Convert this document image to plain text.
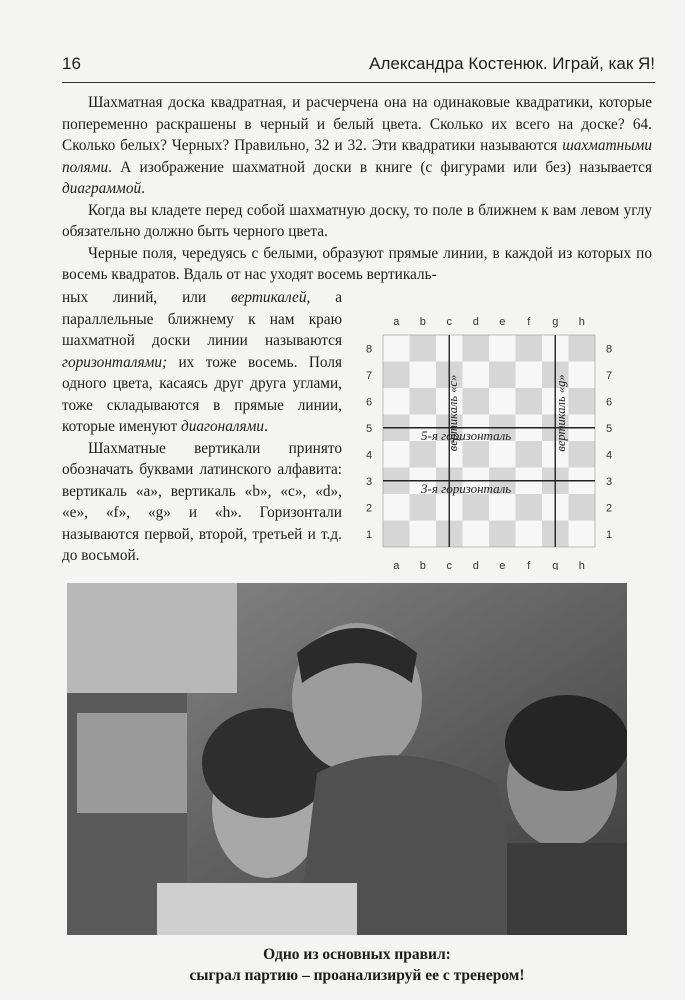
16	Александра Костенюк. Играй, как Я!

Шахматная доска квадратная, и расчерчена она на одинаковые квадратики, которые попеременно раскрашены в черный и белый цвета. Сколько их всего на доске? 64. Сколько белых? Черных? Правильно, 32 и 32. Эти квадратики называются шахматными полями. А изображение шахматной доски в книге (с фигурами или без) называется диаграммой.

Когда вы кладете перед собой шахматную доску, то поле в ближнем к вам левом углу обязательно должно быть черного цвета.

Черные поля, чередуясь с белыми, образуют прямые линии, в каждой из которых по восемь квадратов. Вдаль от нас уходят восемь вертикаль-

ных линий, или вертикалей, а параллельные ближнему к нам краю шахматной доски линии называются горизонталями; их тоже восемь. Поля одного цвета, касаясь друг друга углами, тоже складываются в прямые линии, которые именуют диагоналями.

Шахматные вертикали принято обозначать буквами латинского алфавита: вертикаль «a», вертикаль «b», «c», «d», «e», «f», «g» и «h». Горизонтали называются первой, второй, третьей и т.д. до восьмой.

a b c d e f g h
a b c d e f g h
8
7
6
5
4
3
2
1
8
7
6
5
4
3
2
1
вертикаль «c»	вертикаль «g»
5-я горизонталь
3-я горизонталь
Одно из основных правил:
сыграл партию – проанализируй ее с тренером!
